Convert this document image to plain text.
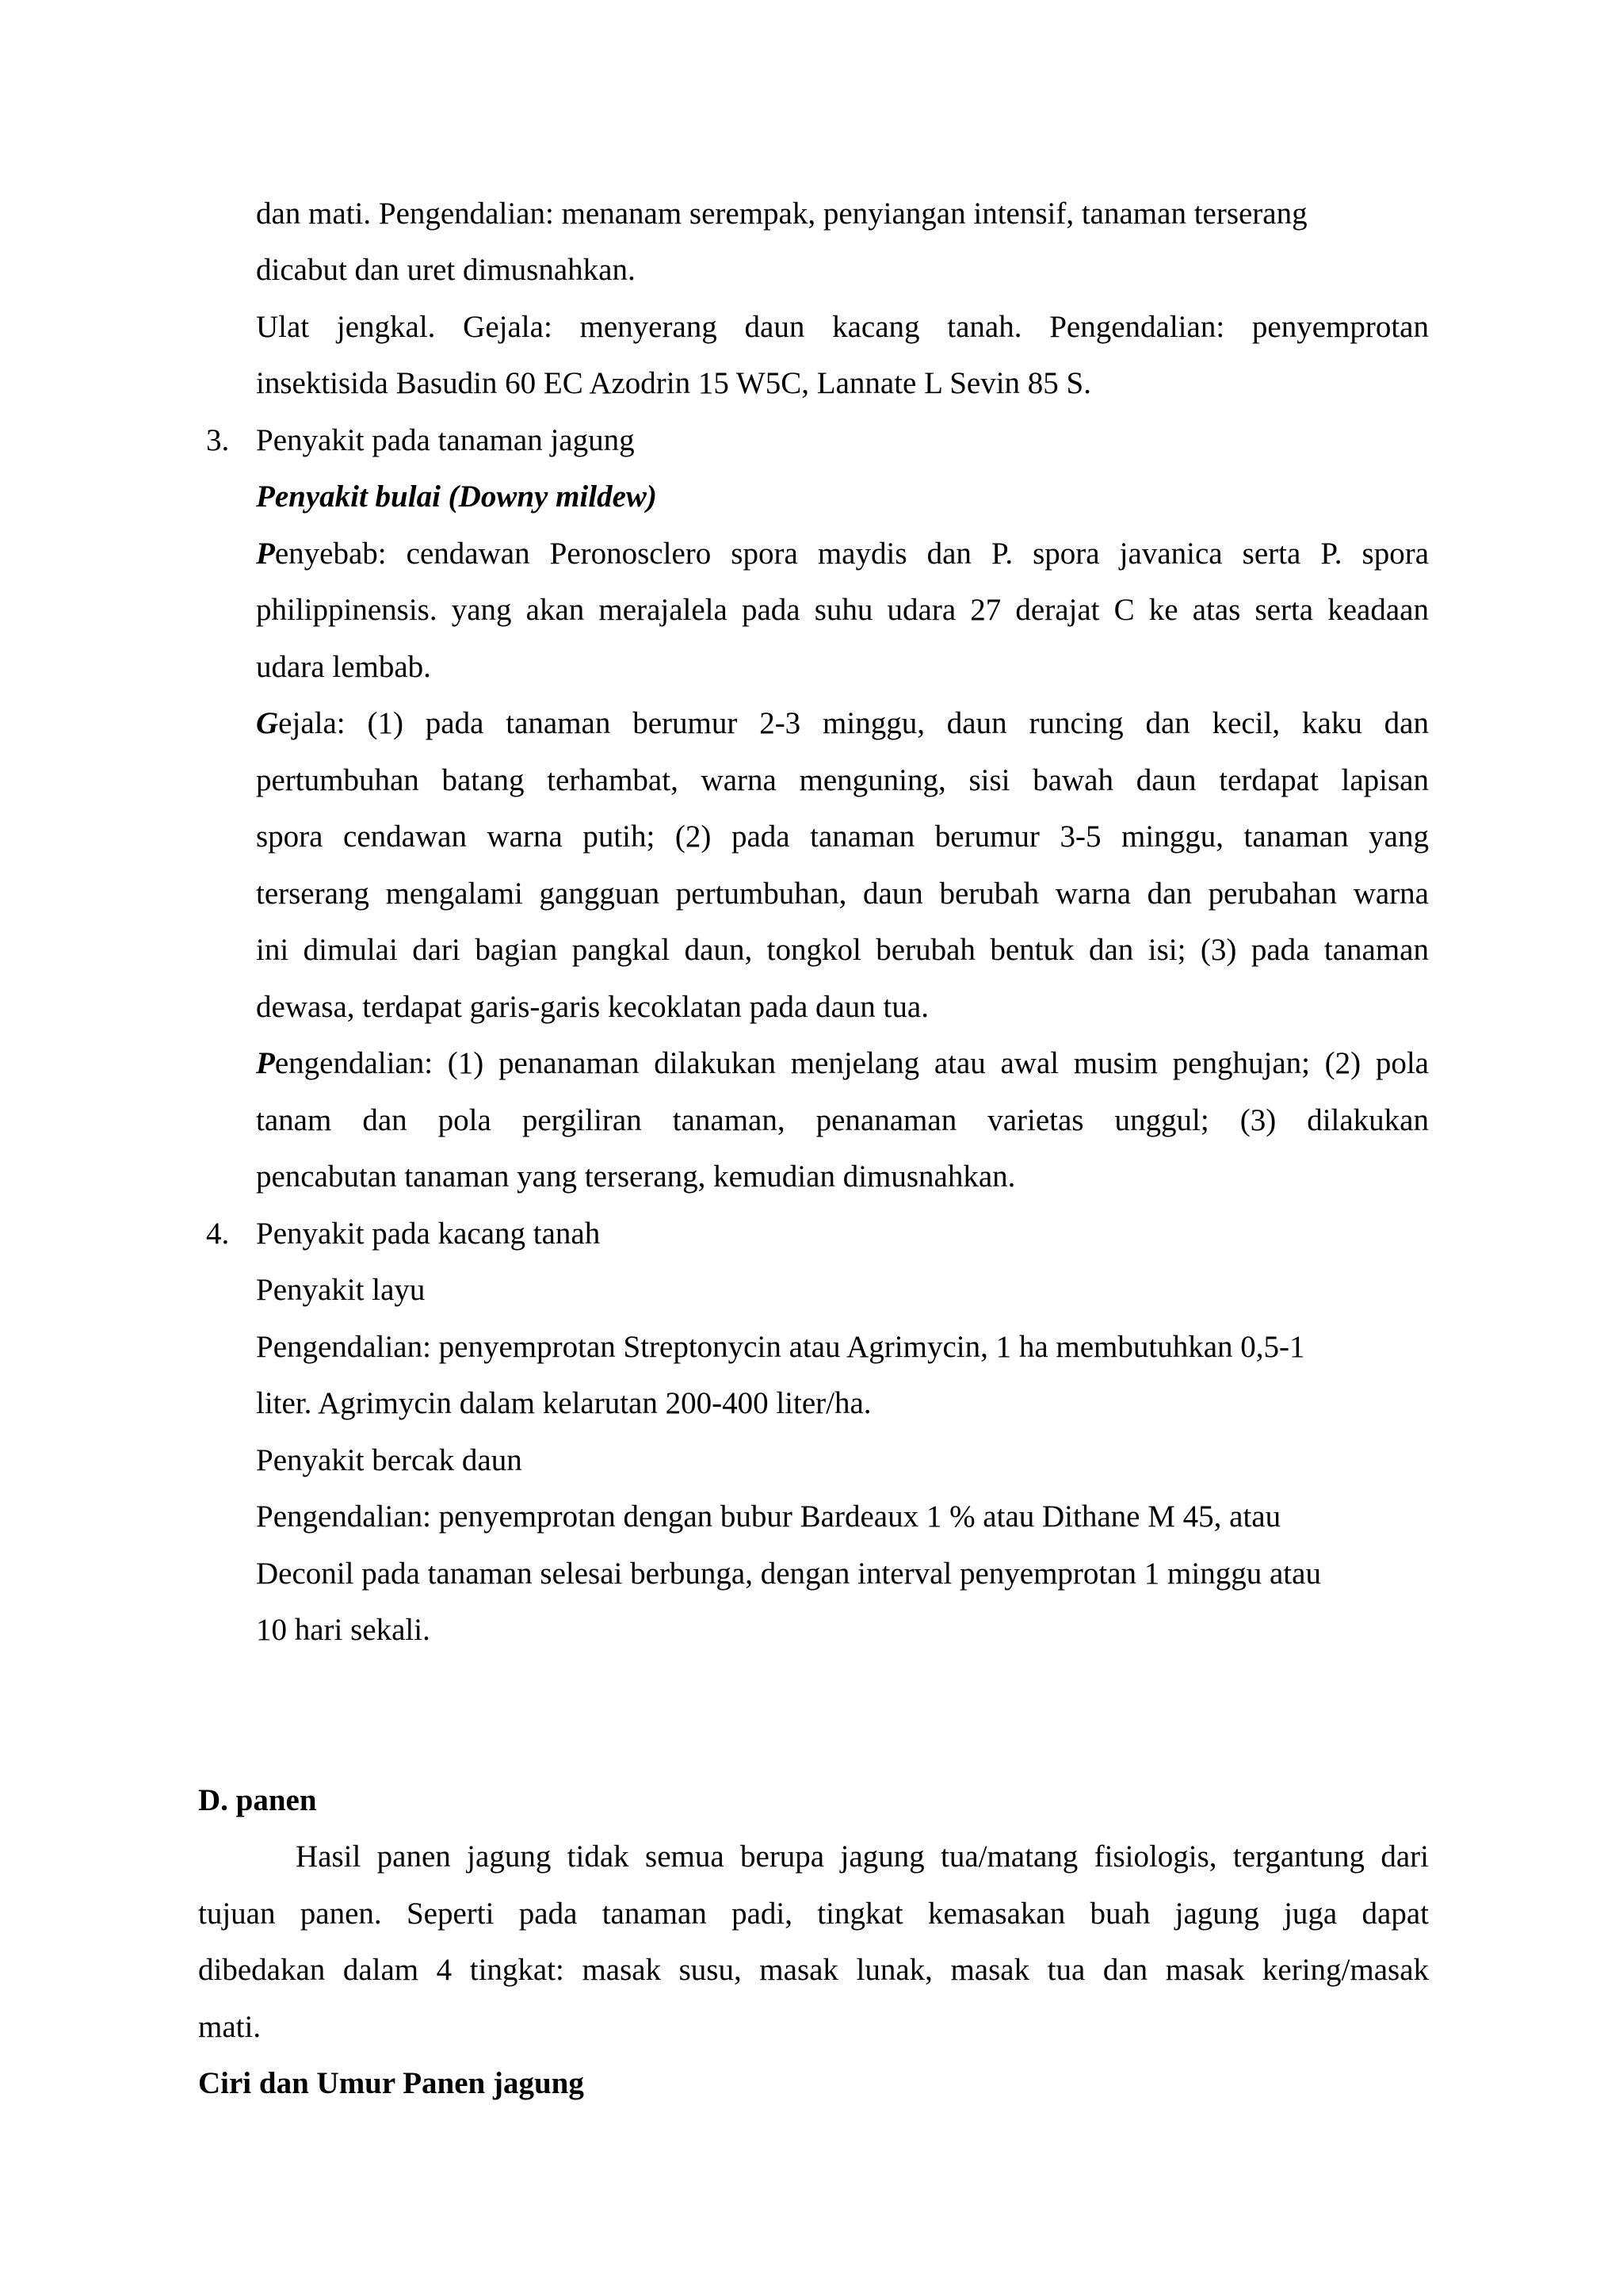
dan mati. Pengendalian: menanam serempak, penyiangan intensif, tanaman terserang
dicabut dan uret dimusnahkan.
Ulat jengkal. Gejala: menyerang daun kacang tanah. Pengendalian: penyemprotan
insektisida Basudin 60 EC Azodrin 15 W5C, Lannate L Sevin 85 S.
3. Penyakit pada tanaman jagung
Penyakit bulai (Downy mildew)
Penyebab: cendawan Peronosclero spora maydis dan P. spora javanica serta P. spora
philippinensis. yang akan merajalela pada suhu udara 27 derajat C ke atas serta keadaan
udara lembab.
Gejala: (1) pada tanaman berumur 2-3 minggu, daun runcing dan kecil, kaku dan
pertumbuhan batang terhambat, warna menguning, sisi bawah daun terdapat lapisan
spora cendawan warna putih; (2) pada tanaman berumur 3-5 minggu, tanaman yang
terserang mengalami gangguan pertumbuhan, daun berubah warna dan perubahan warna
ini dimulai dari bagian pangkal daun, tongkol berubah bentuk dan isi; (3) pada tanaman
dewasa, terdapat garis-garis kecoklatan pada daun tua.
Pengendalian: (1) penanaman dilakukan menjelang atau awal musim penghujan; (2) pola
tanam dan pola pergiliran tanaman, penanaman varietas unggul; (3) dilakukan
pencabutan tanaman yang terserang, kemudian dimusnahkan.
4. Penyakit pada kacang tanah
Penyakit layu
Pengendalian: penyemprotan Streptonycin atau Agrimycin, 1 ha membutuhkan 0,5-1
liter. Agrimycin dalam kelarutan 200-400 liter/ha.
Penyakit bercak daun
Pengendalian: penyemprotan dengan bubur Bardeaux 1 % atau Dithane M 45, atau
Deconil pada tanaman selesai berbunga, dengan interval penyemprotan 1 minggu atau
10 hari sekali.
D. panen
Hasil panen jagung tidak semua berupa jagung tua/matang fisiologis, tergantung dari
tujuan panen. Seperti pada tanaman padi, tingkat kemasakan buah jagung juga dapat
dibedakan dalam 4 tingkat: masak susu, masak lunak, masak tua dan masak kering/masak
mati.
Ciri dan Umur Panen jagung
